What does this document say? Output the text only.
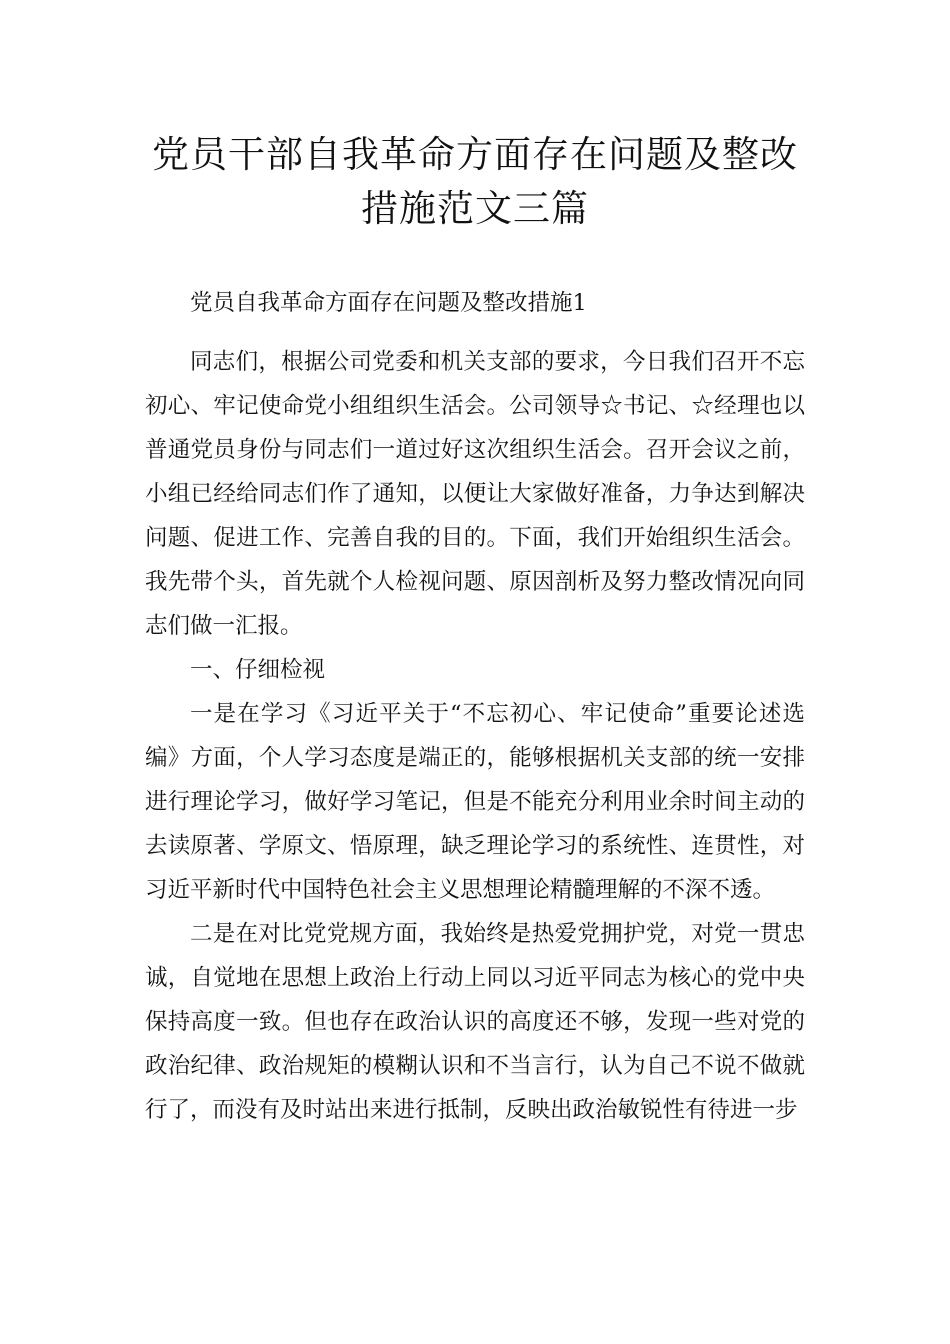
党员干部自我革命方面存在问题及整改
措施范文三篇

党员自我革命方面存在问题及整改措施1

同志们，根据公司党委和机关支部的要求，今日我们召开不忘初心、牢记使命党小组组织生活会。公司领导☆书记、☆经理也以普通党员身份与同志们一道过好这次组织生活会。召开会议之前，小组已经给同志们作了通知，以便让大家做好准备，力争达到解决问题、促进工作、完善自我的目的。下面，我们开始组织生活会。我先带个头，首先就个人检视问题、原因剖析及努力整改情况向同志们做一汇报。

一、仔细检视

一是在学习《习近平关于“不忘初心、牢记使命”重要论述选编》方面，个人学习态度是端正的，能够根据机关支部的统一安排进行理论学习，做好学习笔记，但是不能充分利用业余时间主动的去读原著、学原文、悟原理，缺乏理论学习的系统性、连贯性，对习近平新时代中国特色社会主义思想理论精髓理解的不深不透。

二是在对比党党规方面，我始终是热爱党拥护党，对党一贯忠诚，自觉地在思想上政治上行动上同以习近平同志为核心的党中央保持高度一致。但也存在政治认识的高度还不够，发现一些对党的政治纪律、政治规矩的模糊认识和不当言行，认为自己不说不做就行了，而没有及时站出来进行抵制，反映出政治敏锐性有待进一步
